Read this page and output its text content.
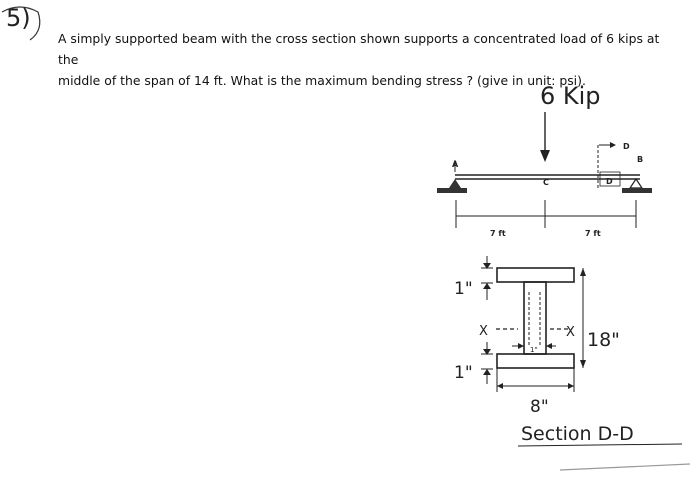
5)
A simply supported beam with the cross section shown supports a concentrated load of 6 kips at the
middle of the span of 14 ft. What is the maximum bending stress ? (give in unit: psi).
6 Kip
A
B
D
D
C
7 ft	7 ft
1"
X	X
1"	18"
1"
8"
Section D-D
